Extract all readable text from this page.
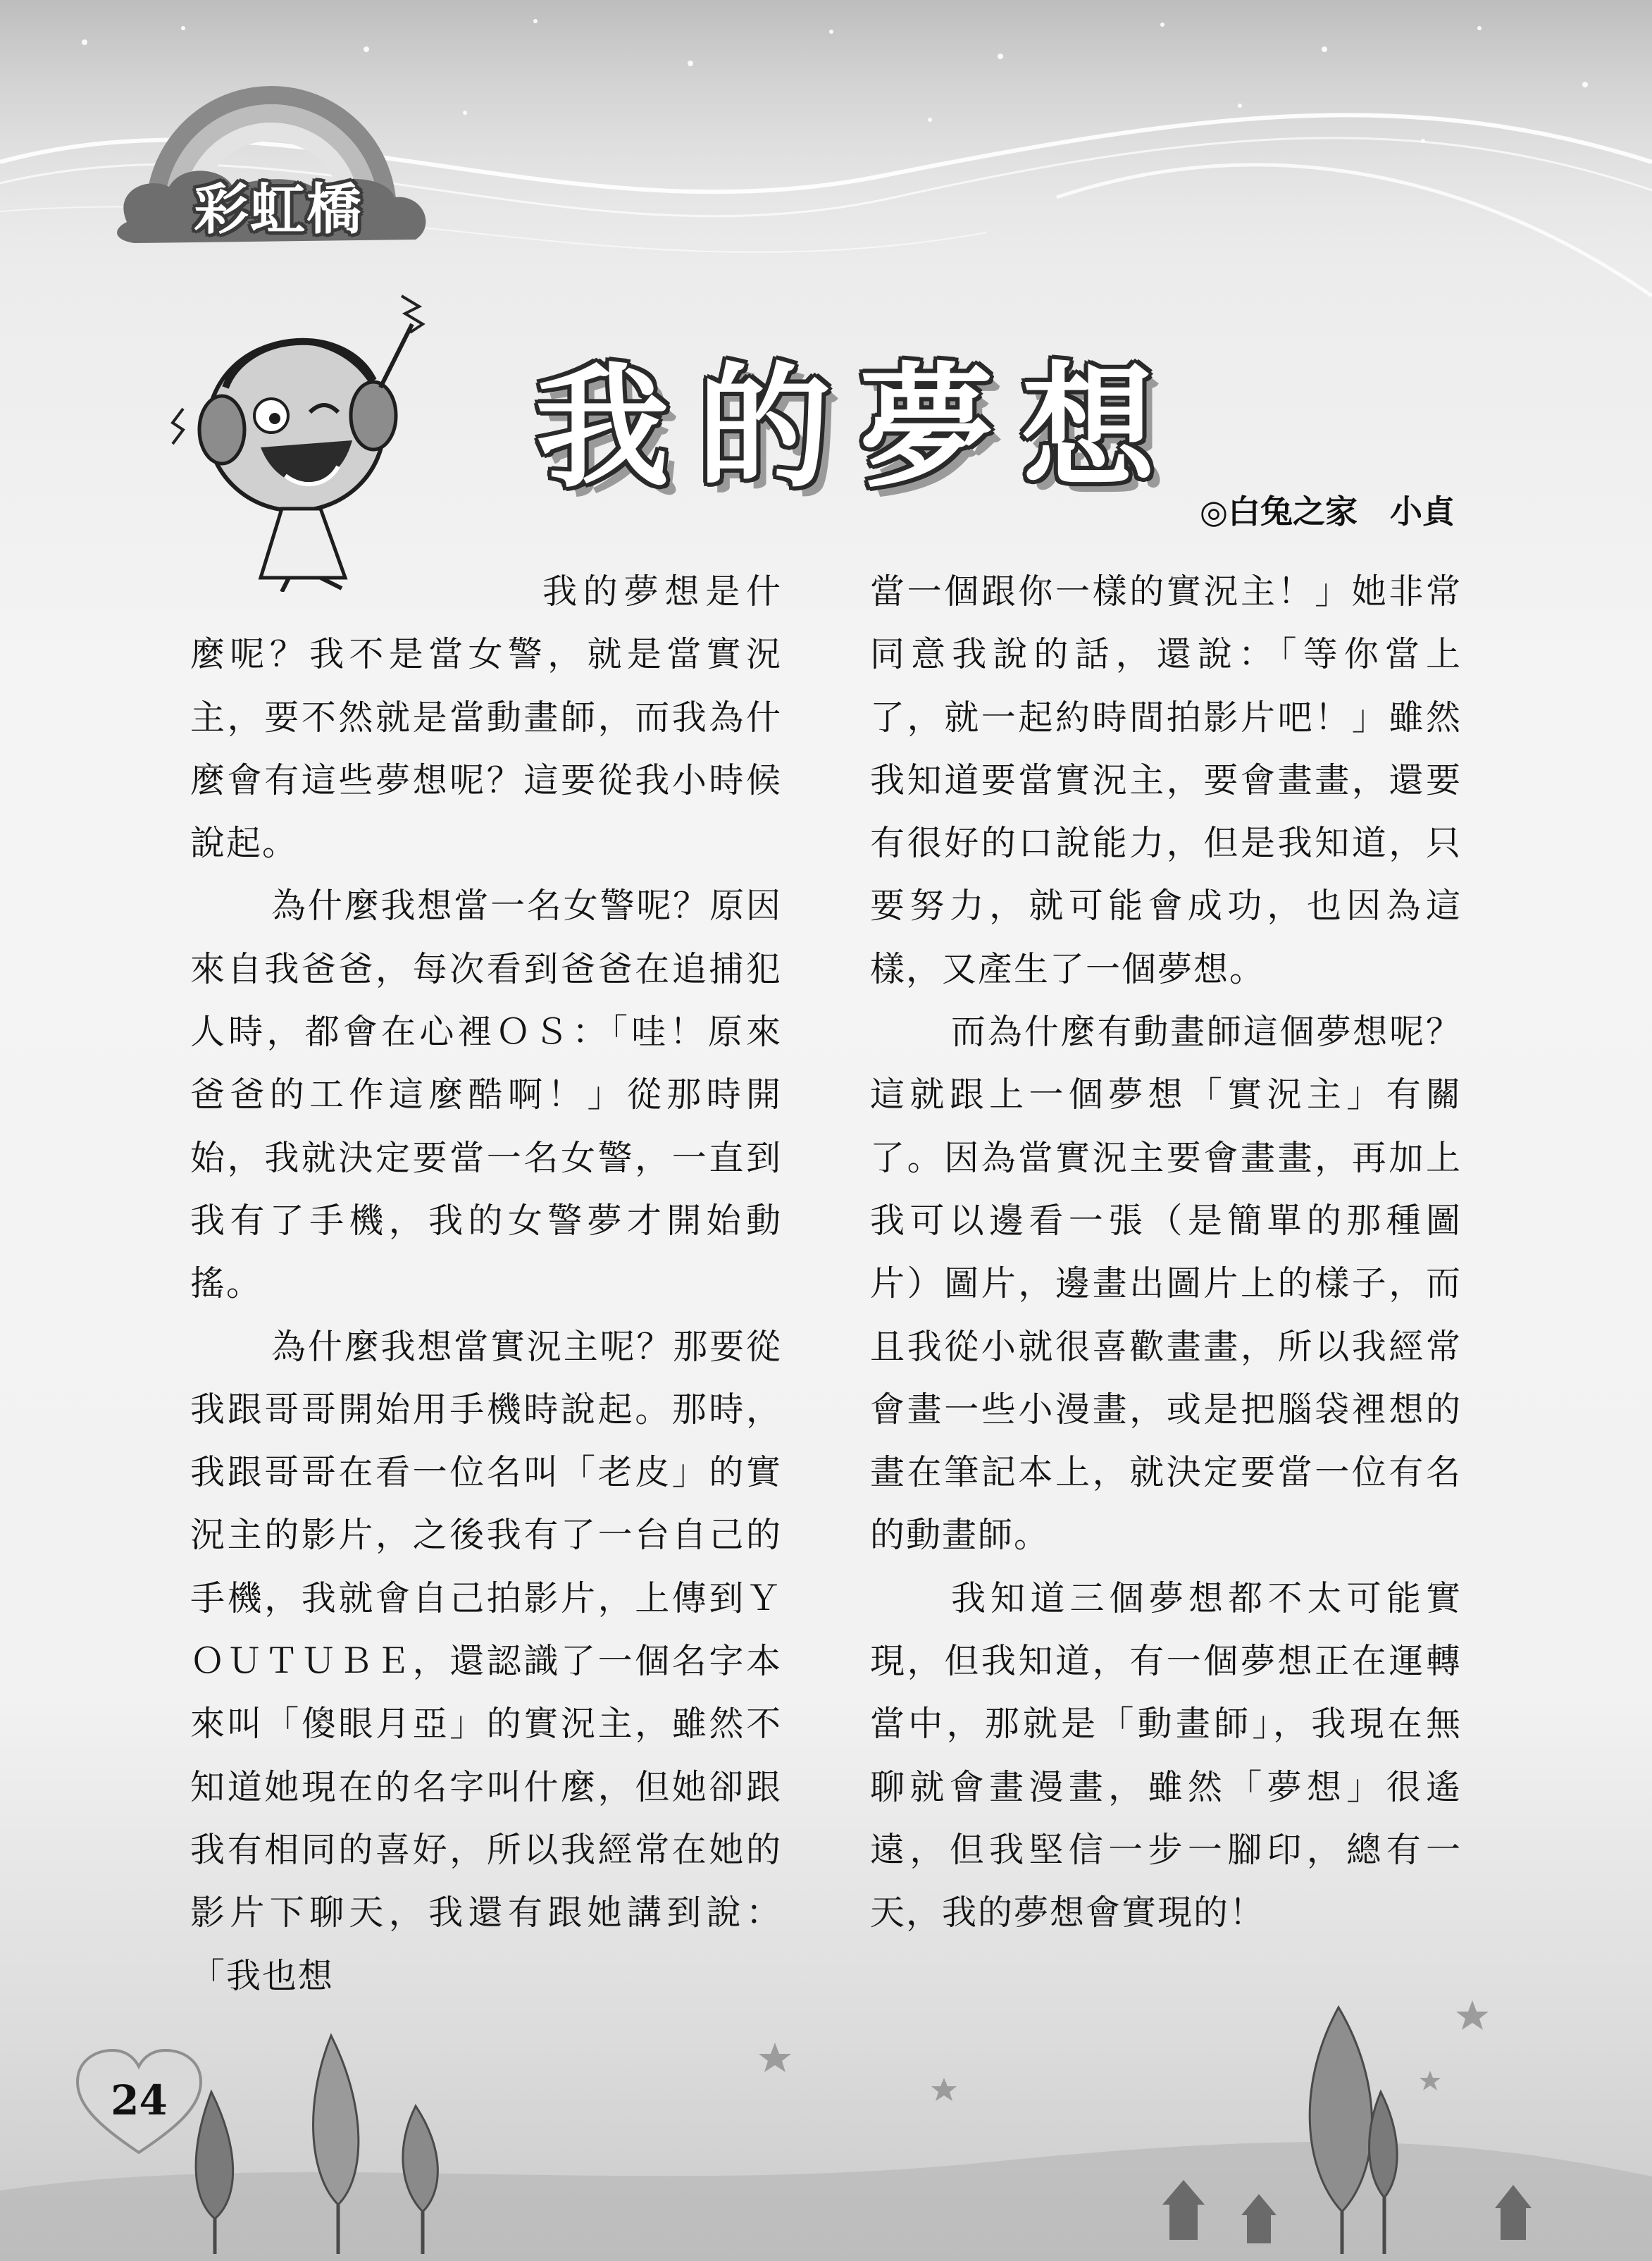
彩虹橋
我的夢想
◎白兔之家　小貞

我的夢想是什麼呢？我不是當女警，就是當實況主，要不然就是當動畫師，而我為什麼會有這些夢想呢？這要從我小時候說起。

為什麼我想當一名女警呢？原因來自我爸爸，每次看到爸爸在追捕犯人時，都會在心裡ＯＳ：「哇！原來爸爸的工作這麼酷啊！」從那時開始，我就決定要當一名女警，一直到我有了手機，我的女警夢才開始動搖。

為什麼我想當實況主呢？那要從我跟哥哥開始用手機時說起。那時，我跟哥哥在看一位名叫「老皮」的實況主的影片，之後我有了一台自己的手機，我就會自己拍影片，上傳到ＹＯＵＴＵＢＥ，還認識了一個名字本來叫「傻眼月亞」的實況主，雖然不知道她現在的名字叫什麼，但她卻跟我有相同的喜好，所以我經常在她的影片下聊天，我還有跟她講到說：「我也想

當一個跟你一樣的實況主！」她非常同意我說的話，還說：「等你當上了，就一起約時間拍影片吧！」雖然我知道要當實況主，要會畫畫，還要有很好的口說能力，但是我知道，只要努力，就可能會成功，也因為這樣，又產生了一個夢想。

而為什麼有動畫師這個夢想呢？這就跟上一個夢想「實況主」有關了。因為當實況主要會畫畫，再加上我可以邊看一張（是簡單的那種圖片）圖片，邊畫出圖片上的樣子，而且我從小就很喜歡畫畫，所以我經常會畫一些小漫畫，或是把腦袋裡想的畫在筆記本上，就決定要當一位有名的動畫師。

我知道三個夢想都不太可能實現，但我知道，有一個夢想正在運轉當中，那就是「動畫師」，我現在無聊就會畫漫畫，雖然「夢想」很遙遠，但我堅信一步一腳印，總有一天，我的夢想會實現的！

24
